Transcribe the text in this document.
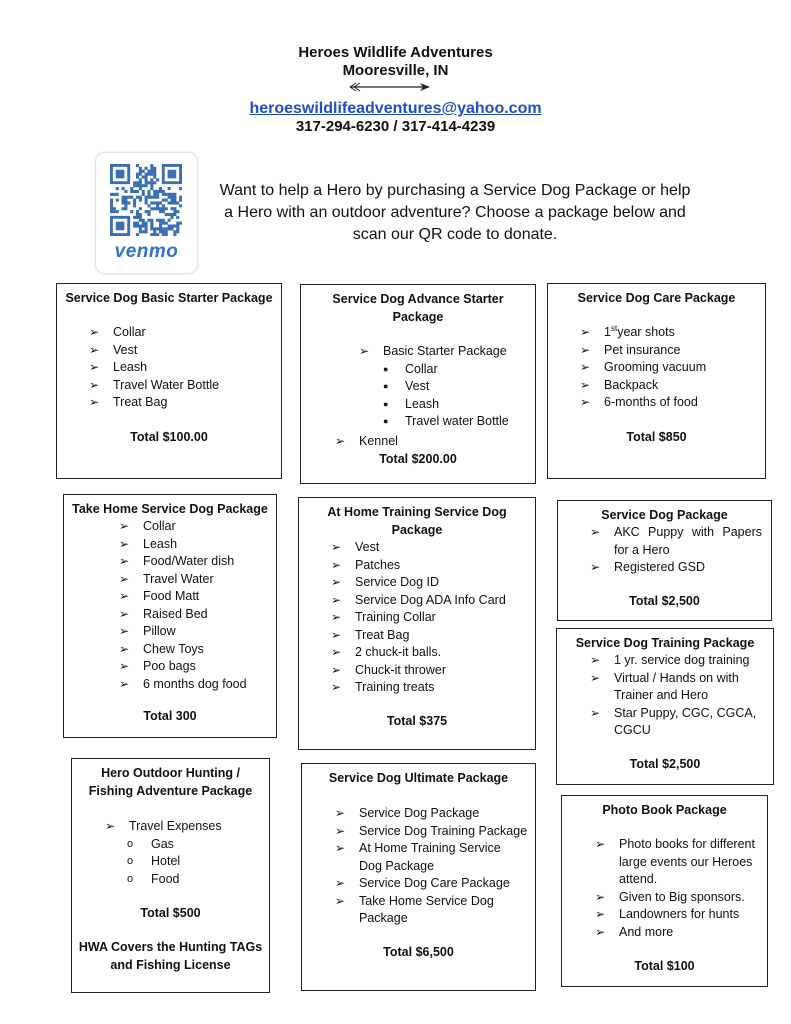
Heroes Wildlife Adventures
Mooresville, IN
heroeswildlifeadventures@yahoo.com
317-294-6230 / 317-414-4239
venmo
Want to help a Hero by purchasing a Service Dog Package or help
a Hero with an outdoor adventure? Choose a package below and
scan our QR code to donate.
Service Dog Basic Starter Package
➢ Collar
➢ Vest
➢ Leash
➢ Travel Water Bottle
➢ Treat Bag
Total $100.00
Service Dog Advance Starter
Package
➢ Basic Starter Package
● Collar
● Vest
● Leash
● Travel water Bottle
➢ Kennel
Total $200.00
Service Dog Care Package
➢ 1styear shots
➢ Pet insurance
➢ Grooming vacuum
➢ Backpack
➢ 6-months of food
Total $850
Take Home Service Dog Package
➢ Collar
➢ Leash
➢ Food/Water dish
➢ Travel Water
➢ Food Matt
➢ Raised Bed
➢ Pillow
➢ Chew Toys
➢ Poo bags
➢ 6 months dog food
Total 300
At Home Training Service Dog
Package
➢ Vest
➢ Patches
➢ Service Dog ID
➢ Service Dog ADA Info Card
➢ Training Collar
➢ Treat Bag
➢ 2 chuck-it balls.
➢ Chuck-it thrower
➢ Training treats
Total $375
Service Dog Package
➢ AKC Puppy with Papers
for a Hero
➢ Registered GSD
Total $2,500
Service Dog Training Package
➢ 1 yr. service dog training
➢ Virtual / Hands on with
Trainer and Hero
➢ Star Puppy, CGC, CGCA,
CGCU
Total $2,500
Hero Outdoor Hunting /
Fishing Adventure Package
➢ Travel Expenses
o Gas
o Hotel
o Food
Total $500
HWA Covers the Hunting TAGs
and Fishing License
Service Dog Ultimate Package
➢ Service Dog Package
➢ Service Dog Training Package
➢ At Home Training Service
Dog Package
➢ Service Dog Care Package
➢ Take Home Service Dog
Package
Total $6,500
Photo Book Package
➢ Photo books for different
large events our Heroes
attend.
➢ Given to Big sponsors.
➢ Landowners for hunts
➢ And more
Total $100
